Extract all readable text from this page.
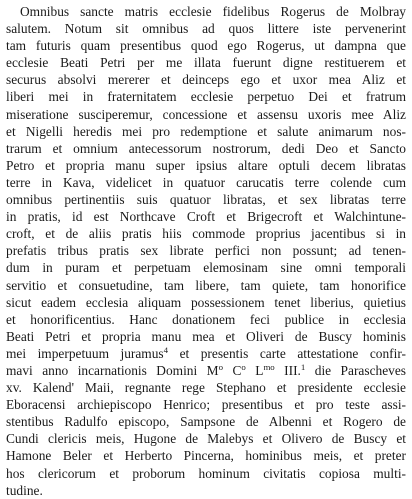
Omnibus sancte matris ecclesie fidelibus Rogerus de Molbray
salutem. Notum sit omnibus ad quos littere iste pervenerint
tam futuris quam presentibus quod ego Rogerus, ut dampna que
ecclesie Beati Petri per me illata fuerunt digne restituerem et
securus absolvi mererer et deinceps ego et uxor mea Aliz et
liberi mei in fraternitatem ecclesie perpetuo Dei et fratrum
miseratione susciperemur, concessione et assensu uxoris mee Aliz
et Nigelli heredis mei pro redemptione et salute animarum nos-
trarum et omnium antecessorum nostrorum, dedi Deo et Sancto
Petro et propria manu super ipsius altare optuli decem libratas
terre in Kava, videlicet in quatuor carucatis terre colende cum
omnibus pertinentiis suis quatuor libratas, et sex libratas terre
in pratis, id est Northcave Croft et Brigecroft et Walchintune-
croft, et de aliis pratis hiis commode proprius jacentibus si in
prefatis tribus pratis sex librate perfici non possunt; ad tenen-
dum in puram et perpetuam elemosinam sine omni temporali
servitio et consuetudine, tam libere, tam quiete, tam honorifice
sicut eadem ecclesia aliquam possessionem tenet liberius, quietius
et honorificentius. Hanc donationem feci publice in ecclesia
Beati Petri et propria manu mea et Oliveri de Buscy hominis
mei imperpetuum juramus$^4$ et presentis carte attestatione confir-
mavi anno incarnationis Domini $M^o$ $C^o$ $L^{mo}$ III.$^1$ die Parascheves
xv. Kalend' Maii, regnante rege Stephano et presidente ecclesie
Eboracensi archiepiscopo Henrico; presentibus et pro teste assi-
stentibus Radulfo episcopo, Sampsone de Albenni et Rogero de
Cundi clericis meis, Hugone de Malebys et Olivero de Buscy et
Hamone Beler et Herberto Pincerna, hominibus meis, et preter
hos clericorum et proborum hominum civitatis copiosa multi-
tudine.
